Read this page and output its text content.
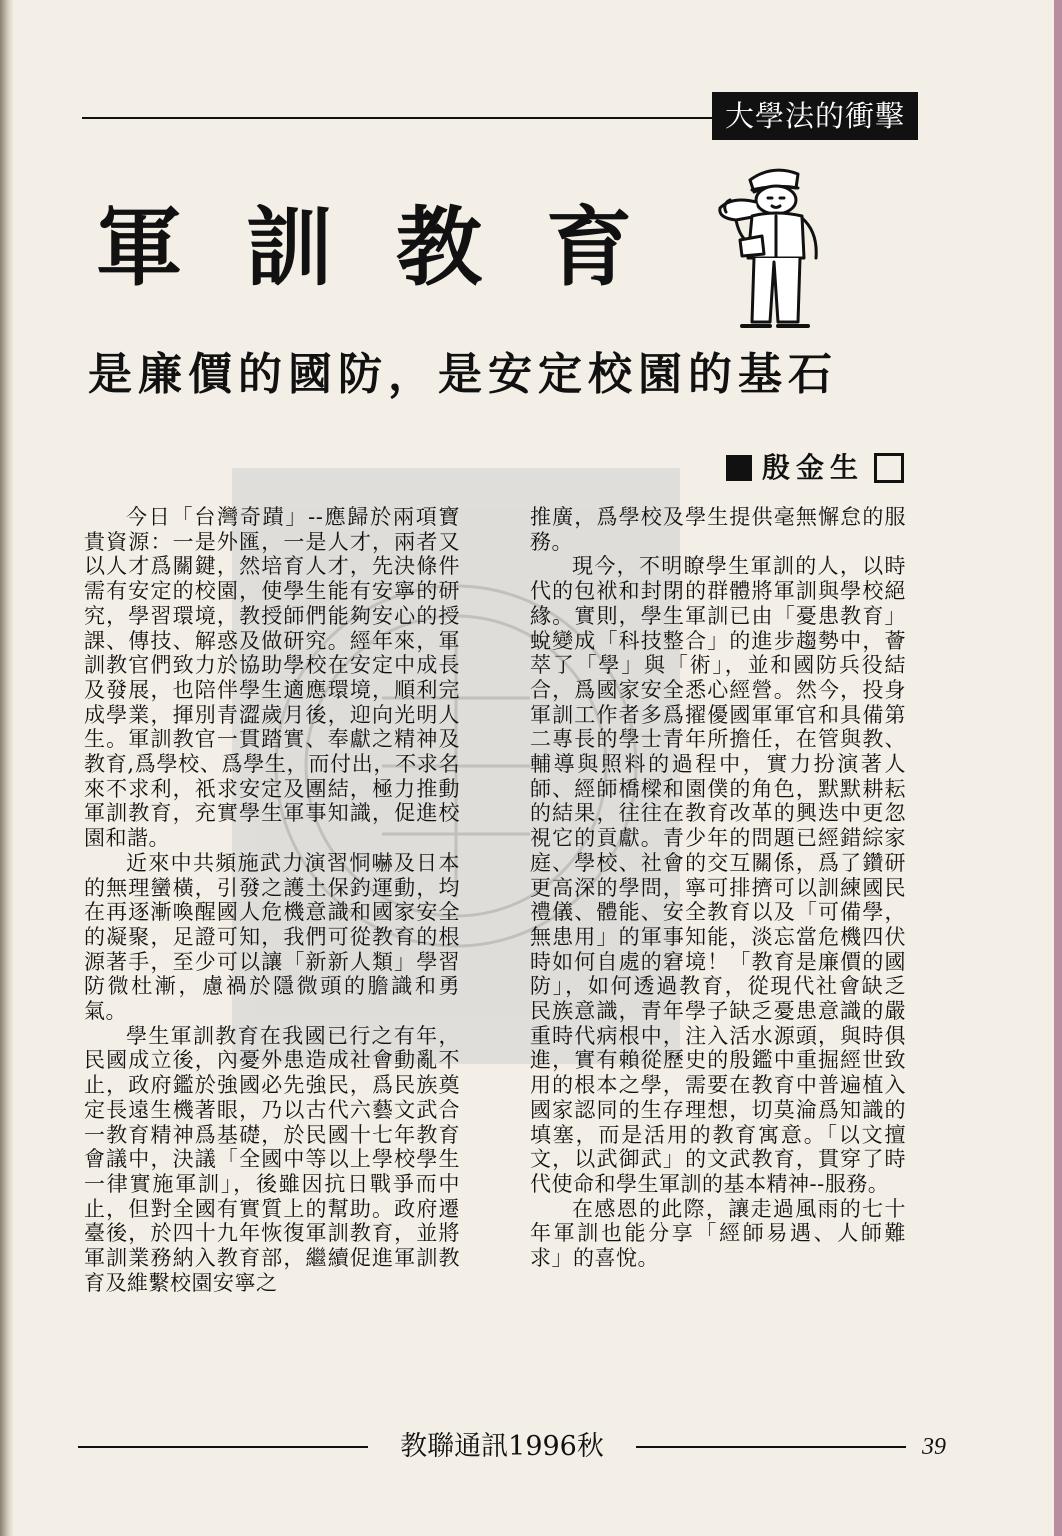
大學法的衝擊
軍訓教育
是廉價的國防，是安定校園的基石
殷金生

今日「台灣奇蹟」--應歸於兩項寶貴資源：一是外匯，一是人才，兩者又以人才爲關鍵，然培育人才，先決條件需有安定的校園，使學生能有安寧的研究，學習環境，教授師們能夠安心的授課、傳技、解惑及做研究。經年來，軍訓教官們致力於協助學校在安定中成長及發展，也陪伴學生適應環境，順利完成學業，揮別青澀歲月後，迎向光明人生。軍訓教官一貫踏實、奉獻之精神及教育,爲學校、爲學生，而付出，不求名來不求利，祇求安定及團結，極力推動軍訓教育，充實學生軍事知識，促進校園和諧。

近來中共頻施武力演習恫嚇及日本的無理蠻橫，引發之護土保釣運動，均在再逐漸喚醒國人危機意識和國家安全的凝聚，足證可知，我們可從教育的根源著手，至少可以讓「新新人類」學習防微杜漸，慮禍於隱微頭的膽識和勇氣。

學生軍訓教育在我國已行之有年，民國成立後，內憂外患造成社會動亂不止，政府鑑於強國必先強民，爲民族奠定長遠生機著眼，乃以古代六藝文武合一教育精神爲基礎，於民國十七年教育會議中，決議「全國中等以上學校學生一律實施軍訓」，後雖因抗日戰爭而中止，但對全國有實質上的幫助。政府遷臺後，於四十九年恢復軍訓教育，並將軍訓業務納入教育部，繼續促進軍訓教育及維繫校園安寧之

推廣，爲學校及學生提供毫無懈怠的服務。

現今，不明瞭學生軍訓的人，以時代的包袱和封閉的群體將軍訓與學校絕緣。實則，學生軍訓已由「憂患教育」蛻變成「科技整合」的進步趨勢中，薈萃了「學」與「術」，並和國防兵役結合，爲國家安全悉心經營。然今，投身軍訓工作者多爲擢優國軍軍官和具備第二專長的學士青年所擔任，在管與教、輔導與照料的過程中，實力扮演著人師、經師橋樑和園僕的角色，默默耕耘的結果，往往在教育改革的興迭中更忽視它的貢獻。青少年的問題已經錯綜家庭、學校、社會的交互關係，爲了鑽研更高深的學問，寧可排擠可以訓練國民禮儀、體能、安全教育以及「可備學，無患用」的軍事知能，淡忘當危機四伏時如何自處的窘境！「教育是廉價的國防」，如何透過教育，從現代社會缺乏民族意識，青年學子缺乏憂患意識的嚴重時代病根中，注入活水源頭，與時俱進，實有賴從歷史的殷鑑中重掘經世致用的根本之學，需要在教育中普遍植入國家認同的生存理想，切莫淪爲知識的填塞，而是活用的教育寓意。「以文擅文，以武御武」的文武教育，貫穿了時代使命和學生軍訓的基本精神--服務。

在感恩的此際，讓走過風雨的七十年軍訓也能分享「經師易遇、人師難求」的喜悅。

教聯通訊1996秋	39
